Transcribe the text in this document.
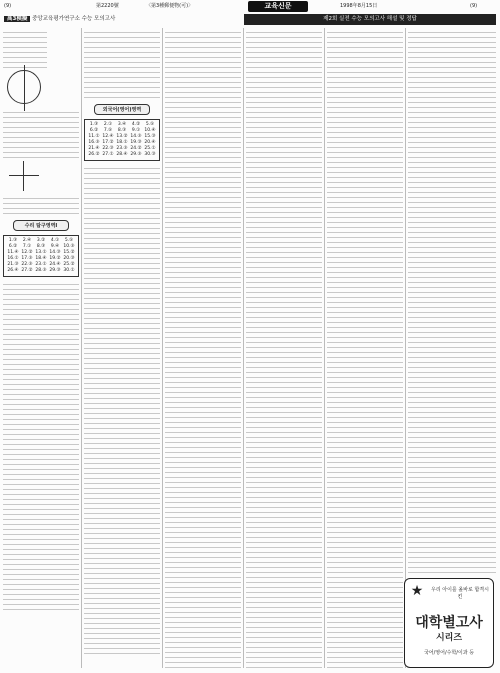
(9)	第2220號	〈第3種郵便物(可)〉	교육신문	1998年8月15日	(9)
高3模擬 중앙교육평가연구소 수능 모의고사	제2회 실전 수능 모의고사 해설 및 정답

수리 탐구영역Ⅰ
1.③	2.④	3.②	4.①	5.⑤
6.②	7.①	8.③	9.④	10.⑤
11.④	12.②	13.①	14.③	15.②
16.①	17.⑤	18.④	19.②	20.③
21.③	22.⑤	23.①	24.④	25.②
26.④	27.②	28.⑤	29.③	30.①
외국어(영어)영역
1.③	2.①	3.④	4.②	5.⑤
6.②	7.⑤	8.③	9.①	10.④
11.①	12.④	13.②	14.⑤	15.③
16.⑤	17.②	18.①	19.③	20.④
21.④	22.③	23.⑤	24.②	25.①
26.②	27.①	28.④	29.⑤	30.③
★	우리 아이를 올바로 합격시킨
대학별고사
시리즈
국어/영어/수학/이과 등
